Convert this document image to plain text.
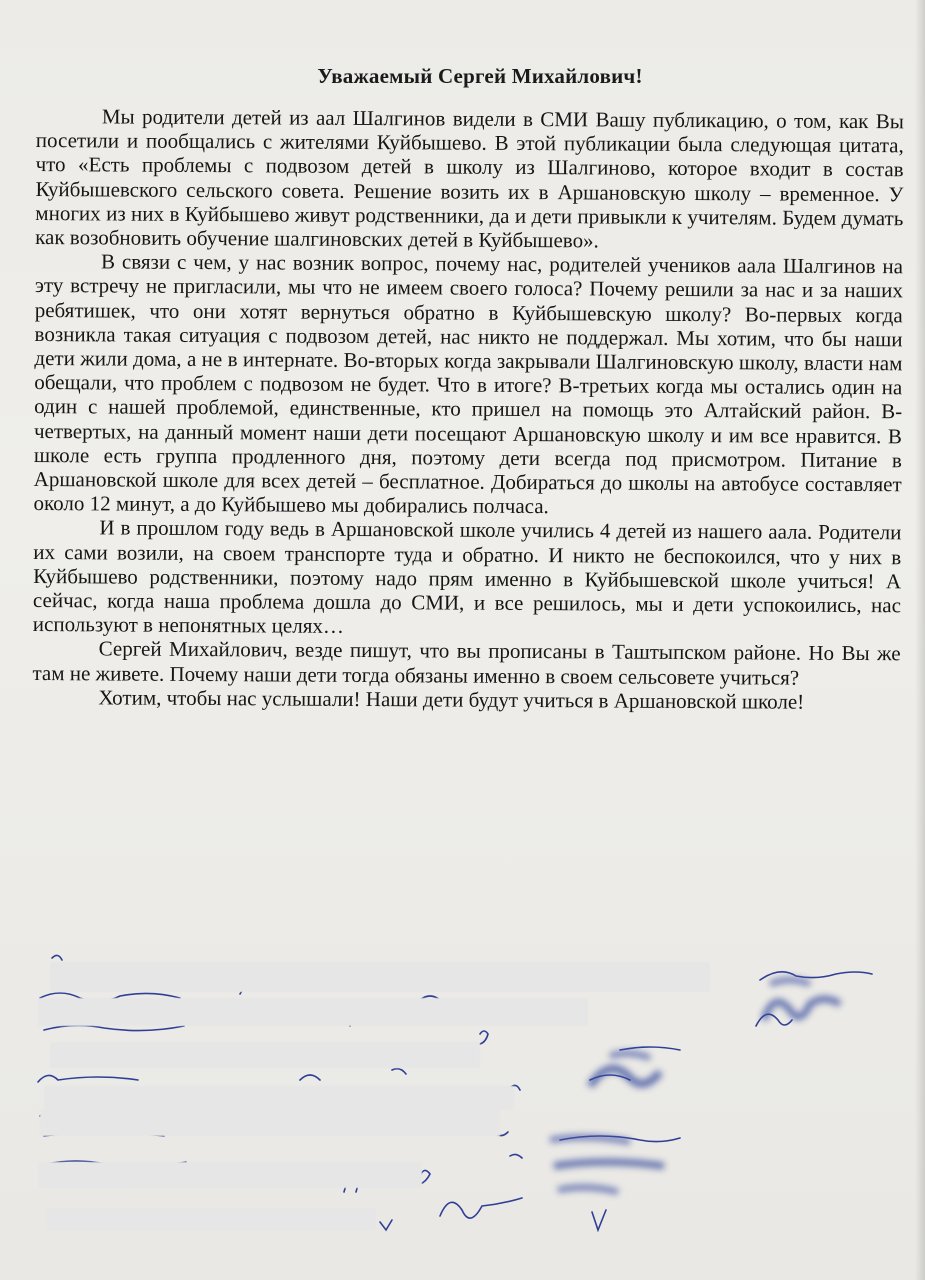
Уважаемый Сергей Михайлович!

Мы родители детей из аал Шалгинов видели в СМИ Вашу публикацию, о том, как Вы посетили и пообщались с жителями Куйбышево. В этой публикации была следующая цитата, что «Есть проблемы с подвозом детей в школу из Шалгиново, которое входит в состав Куйбышевского сельского совета. Решение возить их в Аршановскую школу – временное. У многих из них в Куйбышево живут родственники, да и дети привыкли к учителям. Будем думать как возобновить обучение шалгиновских детей в Куйбышево».

В связи с чем, у нас возник вопрос, почему нас, родителей учеников аала Шалгинов на эту встречу не пригласили, мы что не имеем своего голоса? Почему решили за нас и за наших ребятишек, что они хотят вернуться обратно в Куйбышевскую школу? Во-первых когда возникла такая ситуация с подвозом детей, нас никто не поддержал. Мы хотим, что бы наши дети жили дома, а не в интернате. Во-вторых когда закрывали Шалгиновскую школу, власти нам обещали, что проблем с подвозом не будет. Что в итоге? В-третьих когда мы остались один на один с нашей проблемой, единственные, кто пришел на помощь это Алтайский район. В-четвертых, на данный момент наши дети посещают Аршановскую школу и им все нравится. В школе есть группа продленного дня, поэтому дети всегда под присмотром. Питание в Аршановской школе для всех детей – бесплатное. Добираться до школы на автобусе составляет около 12 минут, а до Куйбышево мы добирались полчаса.

И в прошлом году ведь в Аршановской школе учились 4 детей из нашего аала. Родители их сами возили, на своем транспорте туда и обратно. И никто не беспокоился, что у них в Куйбышево родственники, поэтому надо прям именно в Куйбышевской школе учиться! А сейчас, когда наша проблема дошла до СМИ, и все решилось, мы и дети успокоились, нас используют в непонятных целях…

Сергей Михайлович, везде пишут, что вы прописаны в Таштыпском районе. Но Вы же там не живете. Почему наши дети тогда обязаны именно в своем сельсовете учиться?

Хотим, чтобы нас услышали! Наши дети будут учиться в Аршановской школе!
